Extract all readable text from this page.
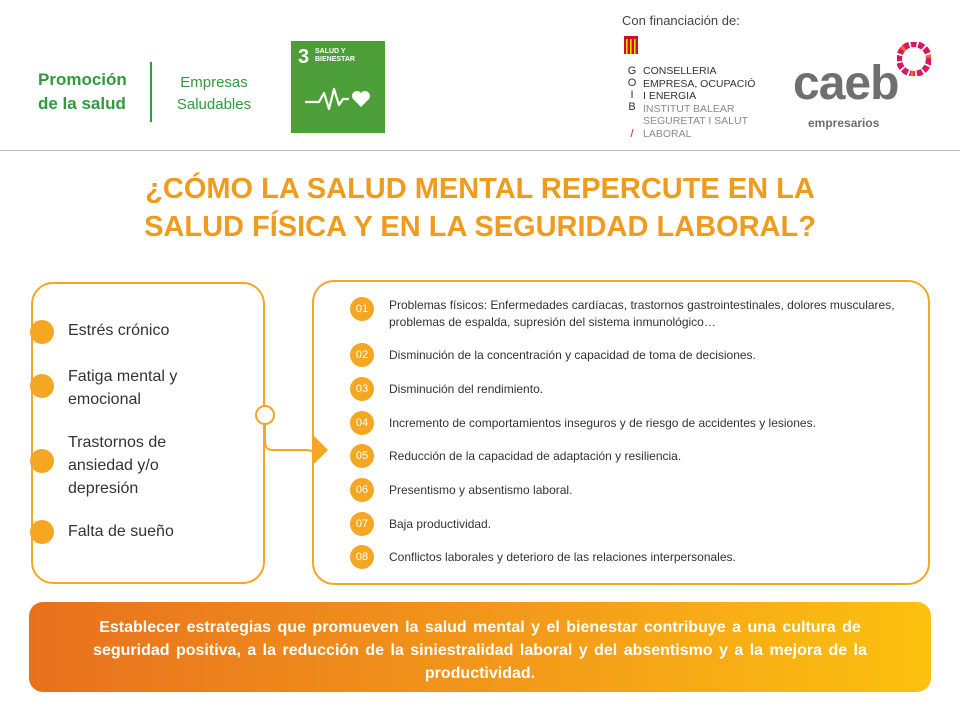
Promoción de la salud
Empresas Saludables
3 SALUD Y BIENESTAR
Con financiación de:
G
O
I
B
/
CONSELLERIA
EMPRESA, OCUPACIÓ
I ENERGIA
INSTITUT BALEAR
SEGURETAT I SALUT
LABORAL
caeb
empresarios
¿CÓMO LA SALUD MENTAL REPERCUTE EN LA
SALUD FÍSICA Y EN LA SEGURIDAD LABORAL?
Estrés crónico
Fatiga mental y emocional
Trastornos de ansiedad y/o depresión
Falta de sueño
01	Problemas físicos: Enfermedades cardíacas, trastornos gastrointestinales, dolores musculares, problemas de espalda, supresión del sistema inmunológico…
02	Disminución de la concentración y capacidad de toma de decisiones.
03	Disminución del rendimiento.
04	Incremento de comportamientos inseguros y de riesgo de accidentes y lesiones.
05	Reducción de la capacidad de adaptación y resiliencia.
06	Presentismo y absentismo laboral.
07	Baja productividad.
08	Conflictos laborales y deterioro de las relaciones interpersonales.
Establecer estrategias que promueven la salud mental y el bienestar contribuye a una cultura de seguridad positiva, a la reducción de la siniestralidad laboral y del absentismo y a la mejora de la productividad.
